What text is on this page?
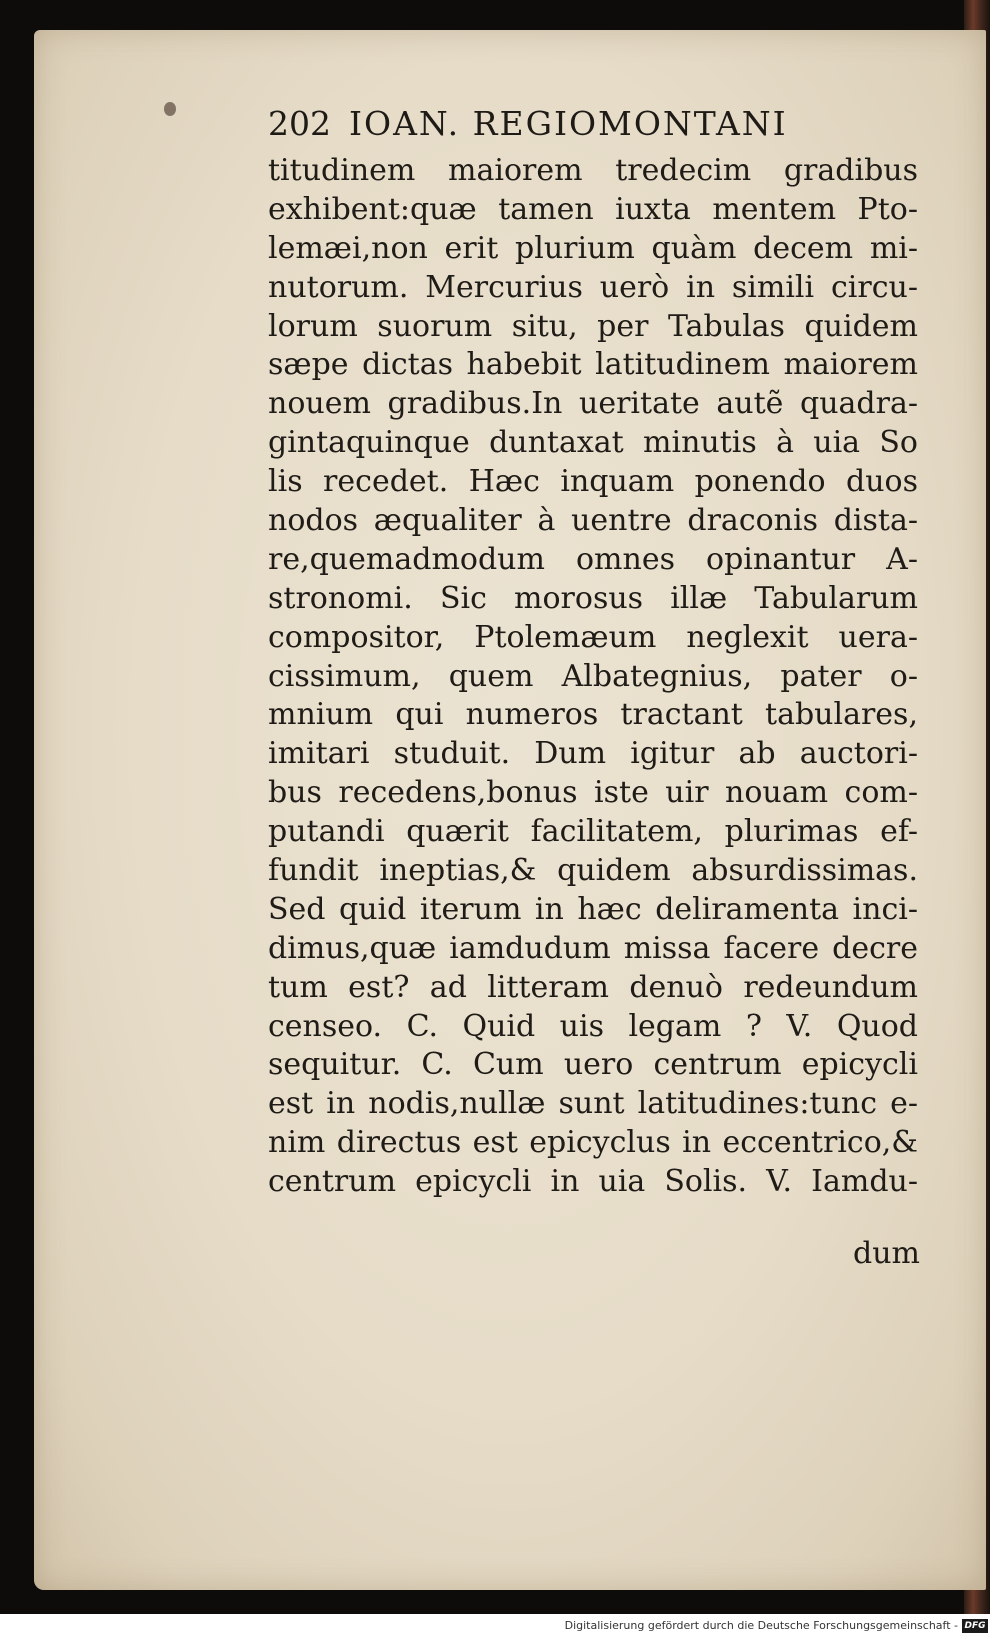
202 IOAN. REGIOMONTANI
titudinem maiorem tredecim gradibus
exhibent:quæ tamen iuxta mentem Pto-
lemæi,non erit plurium quàm decem mi-
nutorum. Mercurius uerò in simili circu-
lorum suorum situ, per Tabulas quidem
sæpe dictas habebit latitudinem maiorem
nouem gradibus.In ueritate autẽ quadra-
gintaquinque duntaxat minutis à uia So
lis recedet. Hæc inquam ponendo duos
nodos æqualiter à uentre draconis dista-
re,quemadmodum omnes opinantur A-
stronomi. Sic morosus illæ Tabularum
compositor, Ptolemæum neglexit uera-
cissimum, quem Albategnius, pater o-
mnium qui numeros tractant tabulares,
imitari studuit. Dum igitur ab auctori-
bus recedens,bonus iste uir nouam com-
putandi quærit facilitatem, plurimas ef-
fundit ineptias,& quidem absurdissimas.
Sed quid iterum in hæc deliramenta inci-
dimus,quæ iamdudum missa facere decre
tum est? ad litteram denuò redeundum
censeo. C. Quid uis legam ? V. Quod
sequitur. C. Cum uero centrum epicycli
est in nodis,nullæ sunt latitudines:tunc e-
nim directus est epicyclus in eccentrico,&
centrum epicycli in uia Solis. V. Iamdu-
dum
Digitalisierung gefördert durch die Deutsche Forschungsgemeinschaft - DFG
